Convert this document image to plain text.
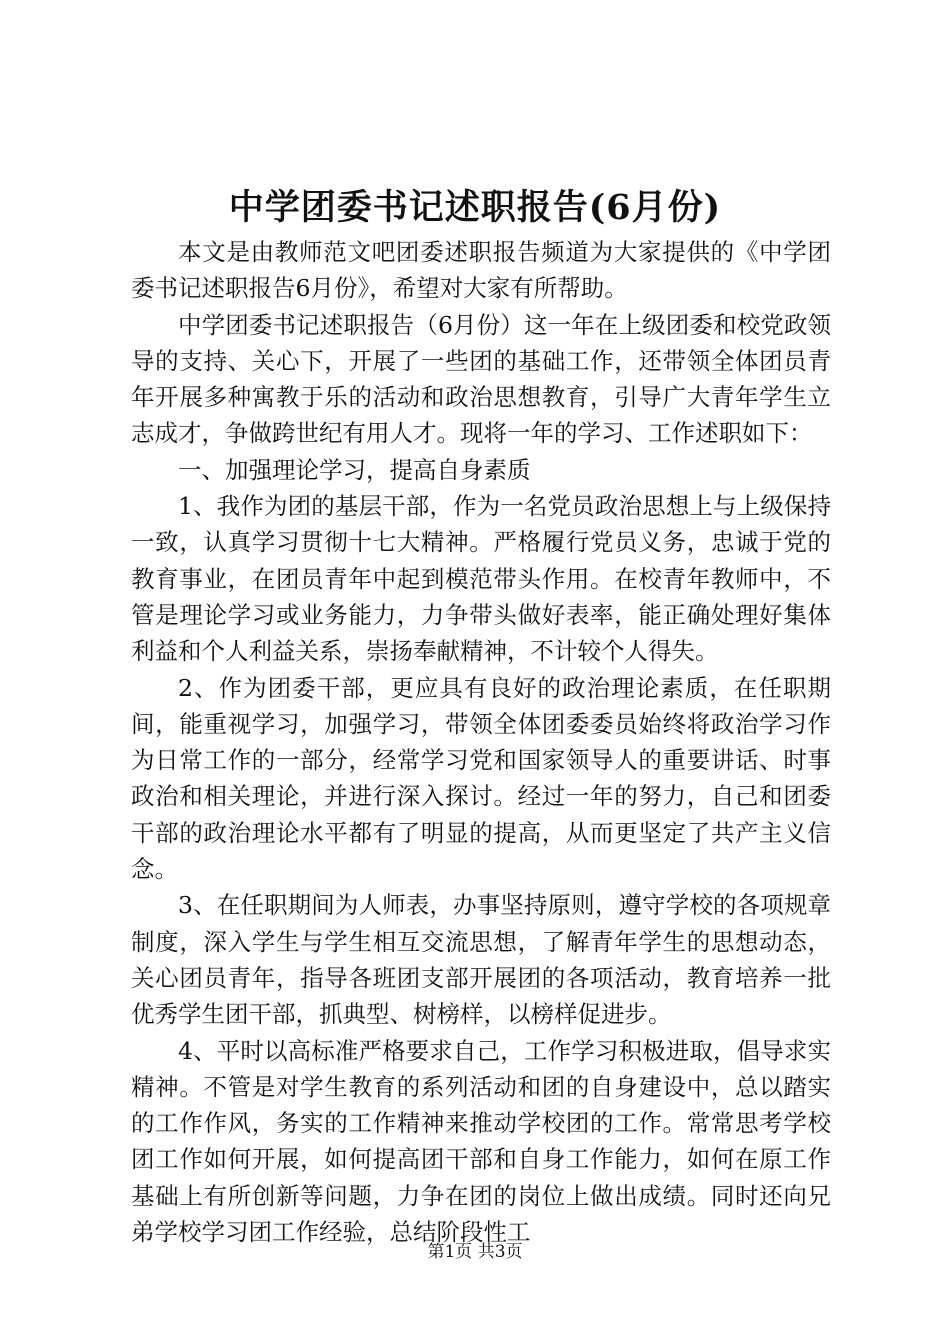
中学团委书记述职报告(6月份)

本文是由教师范文吧团委述职报告频道为大家提供的《中学团委书记述职报告6月份》，希望对大家有所帮助。

中学团委书记述职报告（6月份）这一年在上级团委和校党政领导的支持、关心下，开展了一些团的基础工作，还带领全体团员青年开展多种寓教于乐的活动和政治思想教育，引导广大青年学生立志成才，争做跨世纪有用人才。现将一年的学习、工作述职如下：

一、加强理论学习，提高自身素质

1、我作为团的基层干部，作为一名党员政治思想上与上级保持一致，认真学习贯彻十七大精神。严格履行党员义务，忠诚于党的教育事业，在团员青年中起到模范带头作用。在校青年教师中，不管是理论学习或业务能力，力争带头做好表率，能正确处理好集体利益和个人利益关系，崇扬奉献精神，不计较个人得失。

2、作为团委干部，更应具有良好的政治理论素质，在任职期间，能重视学习，加强学习，带领全体团委委员始终将政治学习作为日常工作的一部分，经常学习党和国家领导人的重要讲话、时事政治和相关理论，并进行深入探讨。经过一年的努力，自己和团委干部的政治理论水平都有了明显的提高，从而更坚定了共产主义信念。

3、在任职期间为人师表，办事坚持原则，遵守学校的各项规章制度，深入学生与学生相互交流思想，了解青年学生的思想动态，关心团员青年，指导各班团支部开展团的各项活动，教育培养一批优秀学生团干部，抓典型、树榜样，以榜样促进步。

4、平时以高标准严格要求自己，工作学习积极进取，倡导求实精神。不管是对学生教育的系列活动和团的自身建设中，总以踏实的工作作风，务实的工作精神来推动学校团的工作。常常思考学校团工作如何开展，如何提高团干部和自身工作能力，如何在原工作基础上有所创新等问题，力争在团的岗位上做出成绩。同时还向兄弟学校学习团工作经验，总结阶段性工

第1页 共3页
